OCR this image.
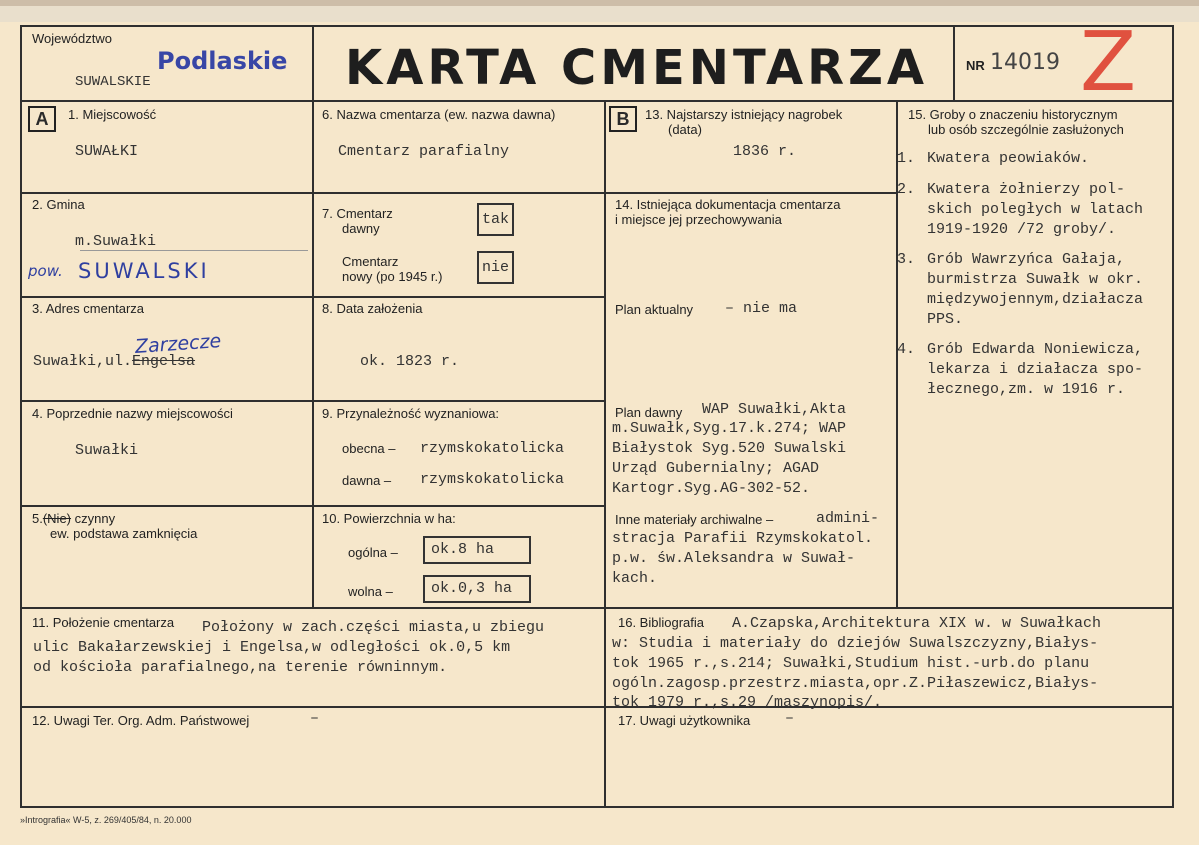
Województwo
SUWALSKIE
Podlaskie KARTA CMENTARZA	NR 14019 Z
A	B
1. Miejscowość
SUWAŁKI
2. Gmina
m.Suwałki
pow. SUWALSKI
3. Adres cmentarza
Suwałki,ul.Engelsa
Zarzecze
4. Poprzednie nazwy miejscowości
Suwałki
5.(Nie) czynny
ew. podstawa zamknięcia
6. Nazwa cmentarza (ew. nazwa dawna)
Cmentarz parafialny
7. Cmentarz
dawny
tak
Cmentarz
nowy (po 1945 r.)
nie
8. Data założenia
ok. 1823 r.
9. Przynależność wyznaniowa:
obecna – rzymskokatolicka
dawna – rzymskokatolicka
10. Powierzchnia w ha:
ogólna –	ok.8 ha
wolna –	ok.0,3 ha
13. Najstarszy istniejący nagrobek
(data)
1836 r.
14. Istniejąca dokumentacja cmentarza
i miejsce jej przechowywania
Plan aktualny – nie ma
Plan dawny WAP Suwałki,Akta
m.Suwałk,Syg.17.k.274; WAP
Białystok Syg.520 Suwalski
Urząd Gubernialny; AGAD
Kartogr.Syg.AG-302-52.
Inne materiały archiwalne –	admini-
stracja Parafii Rzymskokatol.
p.w. św.Aleksandra w Suwał-
kach.
15. Groby o znaczeniu historycznym
lub osób szczególnie zasłużonych
1. Kwatera peowiaków.
2. Kwatera żołnierzy pol-
skich poległych w latach
1919-1920 /72 groby/.
3. Grób Wawrzyńca Gałaja,
burmistrza Suwałk w okr.
międzywojennym,działacza
PPS.
4. Grób Edwarda Noniewicza,
lekarza i działacza spo-
łecznego,zm. w 1916 r.
11. Położenie cmentarza Położony w zach.części miasta,u zbiegu
ulic Bakałarzewskiej i Engelsa,w odległości ok.0,5 km
od kościoła parafialnego,na terenie równinnym.
16. Bibliografia A.Czapska,Architektura XIX w. w Suwałkach
w: Studia i materiały do dziejów Suwalszczyzny,Białys-
tok 1965 r.,s.214; Suwałki,Studium hist.-urb.do planu
ogóln.zagosp.przestrz.miasta,opr.Z.Piłaszewicz,Białys-
tok 1979 r.,s.29 /maszynopis/.
12. Uwagi Ter. Org. Adm. Państwowej	–	17. Uwagi użytkownika –
»Intrografia« W-5, z. 269/405/84, n. 20.000
